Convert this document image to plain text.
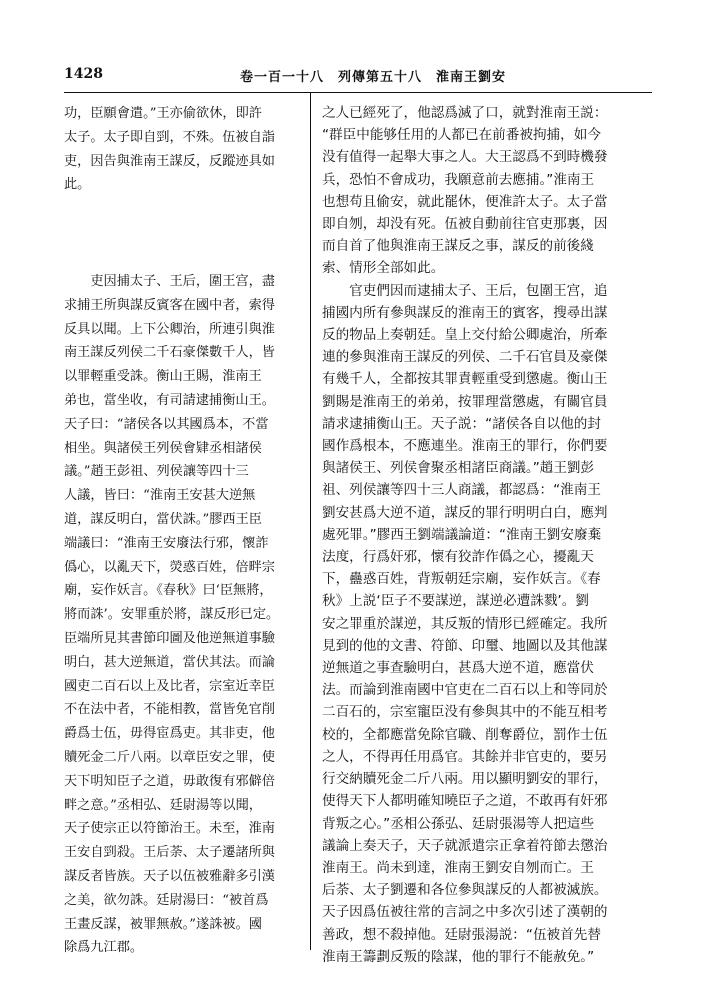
1428	卷一百一十八　列傳第五十八　淮南王劉安

功，臣願會遣。”王亦偷欲休，即許

太子。太子即自剄，不殊。伍被自詣

吏，因告與淮南王謀反，反蹤迹具如

此。

　　吏因捕太子、王后，圍王宫，盡

求捕王所與謀反賓客在國中者，索得

反具以聞。上下公卿治，所連引與淮

南王謀反列侯二千石豪傑數千人，皆

以罪輕重受誅。衡山王賜，淮南王

弟也，當坐收，有司請逮捕衡山王。

天子曰：“諸侯各以其國爲本，不當

相坐。與諸侯王列侯會肄丞相諸侯

議。”趙王彭祖、列侯讓等四十三

人議，皆曰：“淮南王安甚大逆無

道，謀反明白，當伏誅。”膠西王臣

端議曰：“淮南王安廢法行邪，懷詐

僞心，以亂天下，熒惑百姓，倍畔宗

廟，妄作妖言。《春秋》曰‘臣無將，

將而誅’。安罪重於將，謀反形已定。

臣端所見其書節印圖及他逆無道事驗

明白，甚大逆無道，當伏其法。而論

國吏二百石以上及比者，宗室近幸臣

不在法中者，不能相教，當皆免官削

爵爲士伍，毋得宦爲吏。其非吏，他

贖死金二斤八兩。以章臣安之罪，使

天下明知臣子之道，毋敢復有邪僻倍

畔之意。”丞相弘、廷尉湯等以聞，

天子使宗正以符節治王。未至，淮南

王安自剄殺。王后荼、太子遷諸所與

謀反者皆族。天子以伍被雅辭多引漢

之美，欲勿誅。廷尉湯曰：“被首爲

王畫反謀，被罪無赦。”遂誅被。國

除爲九江郡。

之人已經死了，他認爲滅了口，就對淮南王説：

“群臣中能够任用的人都已在前番被拘捕，如今

没有值得一起舉大事之人。大王認爲不到時機發

兵，恐怕不會成功，我願意前去應捕。”淮南王

也想苟且偷安，就此罷休，便准許太子。太子當

即自刎，却没有死。伍被自動前往官吏那裏，因

而自首了他與淮南王謀反之事，謀反的前後綫

索、情形全部如此。

　　官吏們因而逮捕太子、王后，包圍王宫，追

捕國内所有參與謀反的淮南王的賓客，搜尋出謀

反的物品上奏朝廷。皇上交付給公卿處治，所牽

連的參與淮南王謀反的列侯、二千石官員及豪傑

有幾千人，全都按其罪責輕重受到懲處。衡山王

劉賜是淮南王的弟弟，按罪理當懲處，有關官員

請求逮捕衡山王。天子説：“諸侯各自以他的封

國作爲根本，不應連坐。淮南王的罪行，你們要

與諸侯王、列侯會聚丞相諸臣商議。”趙王劉彭

祖、列侯讓等四十三人商議，都認爲：“淮南王

劉安甚爲大逆不道，謀反的罪行明明白白，應判

處死罪。”膠西王劉端議論道：“淮南王劉安廢棄

法度，行爲奸邪，懷有狡詐作僞之心，擾亂天

下，蠱惑百姓，背叛朝廷宗廟，妄作妖言。《春

秋》上説‘臣子不要謀逆，謀逆必遭誅戮’。劉

安之罪重於謀逆，其反叛的情形已經確定。我所

見到的他的文書、符節、印璽、地圖以及其他謀

逆無道之事查驗明白，甚爲大逆不道，應當伏

法。而論到淮南國中官吏在二百石以上和等同於

二百石的，宗室寵臣没有參與其中的不能互相考

校的，全都應當免除官職、削奪爵位，罰作士伍

之人，不得再任用爲官。其餘并非官吏的，要另

行交納贖死金二斤八兩。用以顯明劉安的罪行，

使得天下人都明確知曉臣子之道，不敢再有奸邪

背叛之心。”丞相公孫弘、廷尉張湯等人把這些

議論上奏天子，天子就派遣宗正拿着符節去懲治

淮南王。尚未到達，淮南王劉安自刎而亡。王

后荼、太子劉遷和各位參與謀反的人都被滅族。

天子因爲伍被往常的言詞之中多次引述了漢朝的

善政，想不殺掉他。廷尉張湯説：“伍被首先替

淮南王籌劃反叛的陰謀，他的罪行不能赦免。”
